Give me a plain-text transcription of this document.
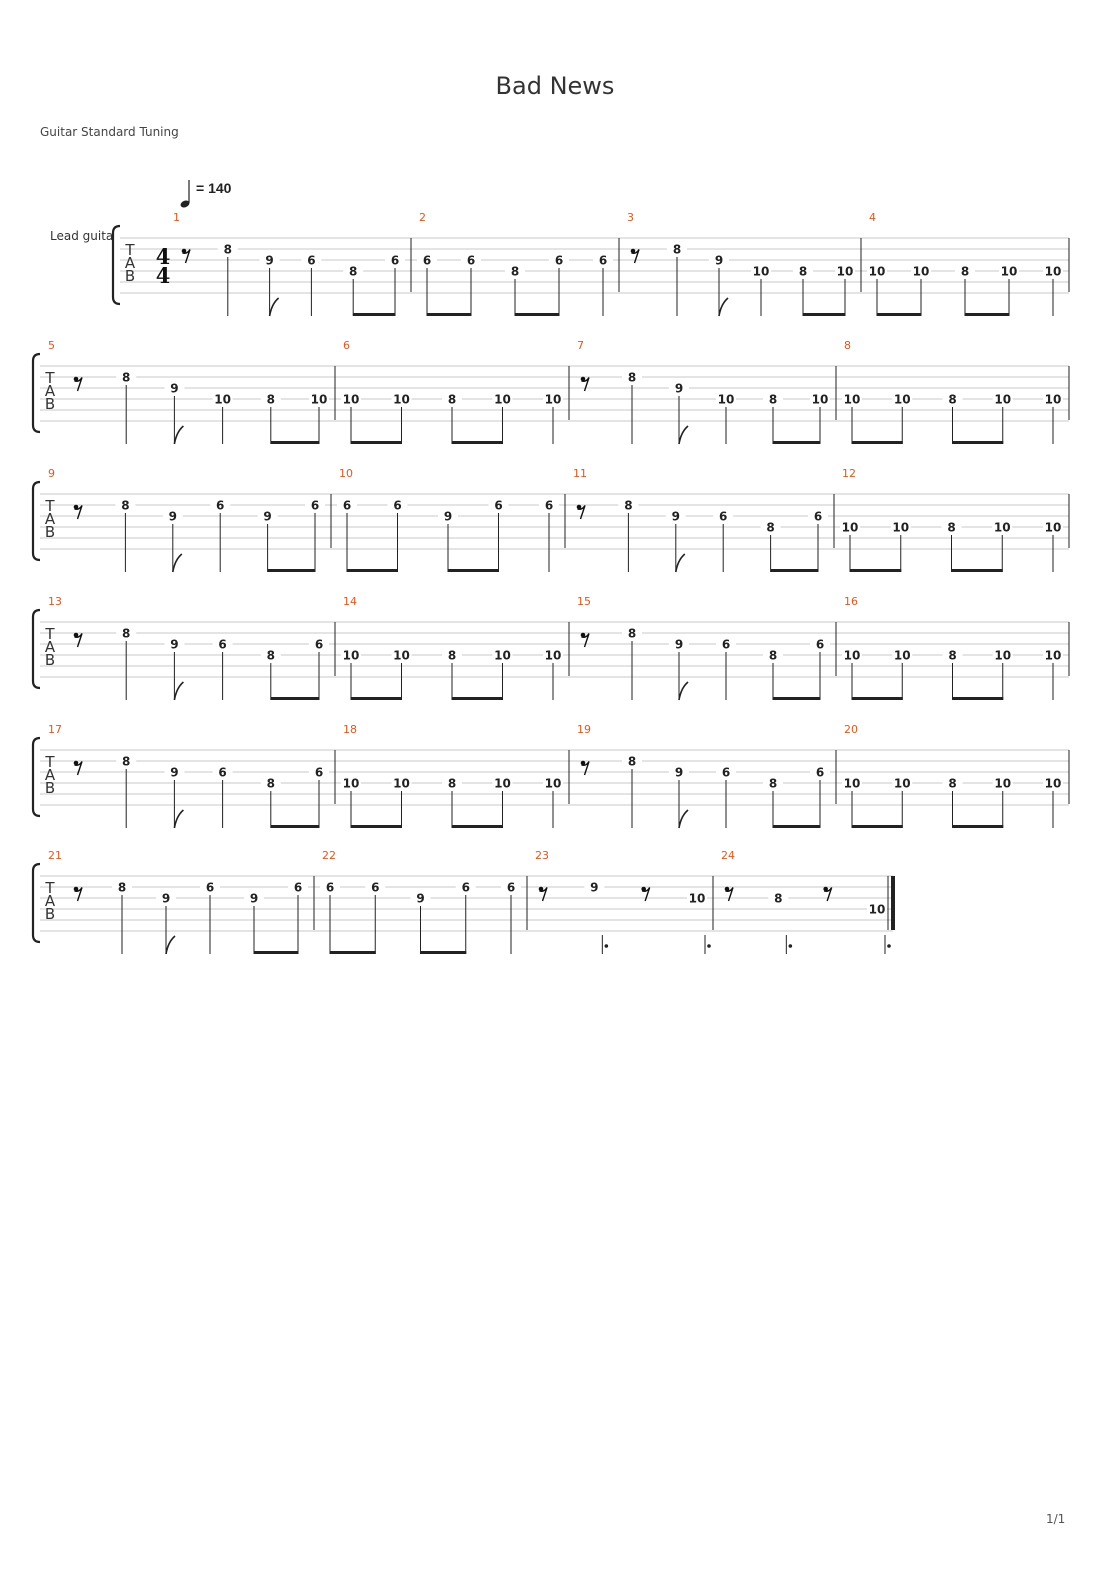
Bad News
Guitar Standard Tuning
= 140
Lead guita
1/1
T
A
B
4
4
1
8
9	6
8
6
2
6	6
8
6	6
3
8
9
10 8 10
4
10 10	8	10 10
T
A
B
5
8
9
10	8	10
6
10	10	8	10	10
7
8
9
10	8	10
8
10	10	8	10	10
T
A
B
9
8
9
6
9
6
10
6	6
9
6	6
11
8
9	6
8
6
12
10	10	8	10	10
T
A
B
13
8
9	6
8
6
14
10	10	8	10	10
15
8
9	6
8
6
16
10	10	8	10	10
T
A
B
17
8
9	6
8
6
18
10	10	8	10	10
19
8
9	6
8
6
20
10	10	8	10	10
T
A
B
21
8
9
6
9
6
22
6	6
9
6	6
23
9
10
24
8
10
